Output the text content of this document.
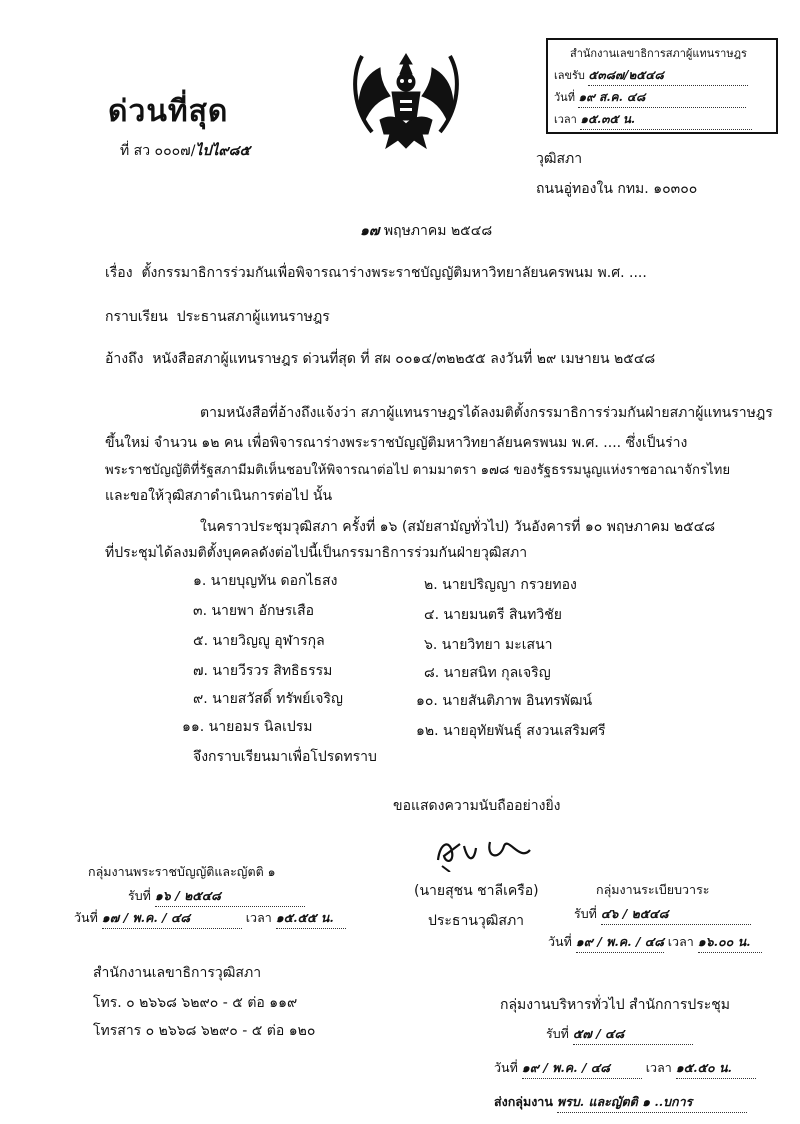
ด่วนที่สุด
ที่ สว ๐๐๐๗/ไปไ๙๘๕
สำนักงานเลขาธิการสภาผู้แทนราษฎร
เลขรับ ๕๓๘๗/๒๕๔๘
วันที่ ๑๙ ส.ค. ๔๘
เวลา ๑๕.๓๕ น.
วุฒิสภา
ถนนอู่ทองใน กทม. ๑๐๓๐๐
๑๗ พฤษภาคม ๒๕๔๘
เรื่อง ตั้งกรรมาธิการร่วมกันเพื่อพิจารณาร่างพระราชบัญญัติมหาวิทยาลัยนครพนม พ.ศ. ....
กราบเรียน ประธานสภาผู้แทนราษฎร
อ้างถึง หนังสือสภาผู้แทนราษฎร ด่วนที่สุด ที่ สผ ๐๐๑๔/๓๒๒๕๕ ลงวันที่ ๒๙ เมษายน ๒๕๔๘
ตามหนังสือที่อ้างถึงแจ้งว่า สภาผู้แทนราษฎรได้ลงมติตั้งกรรมาธิการร่วมกันฝ่ายสภาผู้แทนราษฎร
ขึ้นใหม่ จำนวน ๑๒ คน เพื่อพิจารณาร่างพระราชบัญญัติมหาวิทยาลัยนครพนม พ.ศ. .... ซึ่งเป็นร่าง
พระราชบัญญัติที่รัฐสภามีมติเห็นชอบให้พิจารณาต่อไป ตามมาตรา ๑๗๘ ของรัฐธรรมนูญแห่งราชอาณาจักรไทย
และขอให้วุฒิสภาดำเนินการต่อไป นั้น
ในคราวประชุมวุฒิสภา ครั้งที่ ๑๖ (สมัยสามัญทั่วไป) วันอังคารที่ ๑๐ พฤษภาคม ๒๕๔๘
ที่ประชุมได้ลงมติตั้งบุคคลดังต่อไปนี้เป็นกรรมาธิการร่วมกันฝ่ายวุฒิสภา
๑. นายบุญทัน ดอกไธสง
๓. นายพา อักษรเสือ
๕. นายวิญญู อุฬารกุล
๗. นายวีรวร สิทธิธรรม
๙. นายสวัสดิ์ ทรัพย์เจริญ
๑๑. นายอมร นิลเปรม
๒. นายปริญญา กรวยทอง
๔. นายมนตรี สินทวิชัย
๖. นายวิทยา มะเสนา
๘. นายสนิท กุลเจริญ
๑๐. นายสันติภาพ อินทรพัฒน์
๑๒. นายอุทัยพันธุ์ สงวนเสริมศรี
จึงกราบเรียนมาเพื่อโปรดทราบ
ขอแสดงความนับถืออย่างยิ่ง
(นายสุชน ชาลีเครือ)
ประธานวุฒิสภา
กลุ่มงานพระราชบัญญัติและญัตติ ๑
รับที่ ๑๖ / ๒๕๔๘
วันที่ ๑๗ / พ.ค. / ๔๘	เวลา ๑๕.๕๕ น.
กลุ่มงานระเบียบวาระ
รับที่ ๔๖ / ๒๕๔๘
วันที่ ๑๙ / พ.ค. / ๔๘ เวลา ๑๖.๐๐ น.
สำนักงานเลขาธิการวุฒิสภา
โทร. ๐ ๒๖๖๘ ๖๒๙๐ - ๕ ต่อ ๑๑๙
โทรสาร ๐ ๒๖๖๘ ๖๒๙๐ - ๕ ต่อ ๑๒๐
กลุ่มงานบริหารทั่วไป สำนักการประชุม
รับที่ ๕๗ / ๔๘
วันที่ ๑๙ / พ.ค. / ๔๘	เวลา ๑๕.๕๐ น.
ส่งกลุ่มงาน พรบ. และญัตติ ๑ ..บการ
